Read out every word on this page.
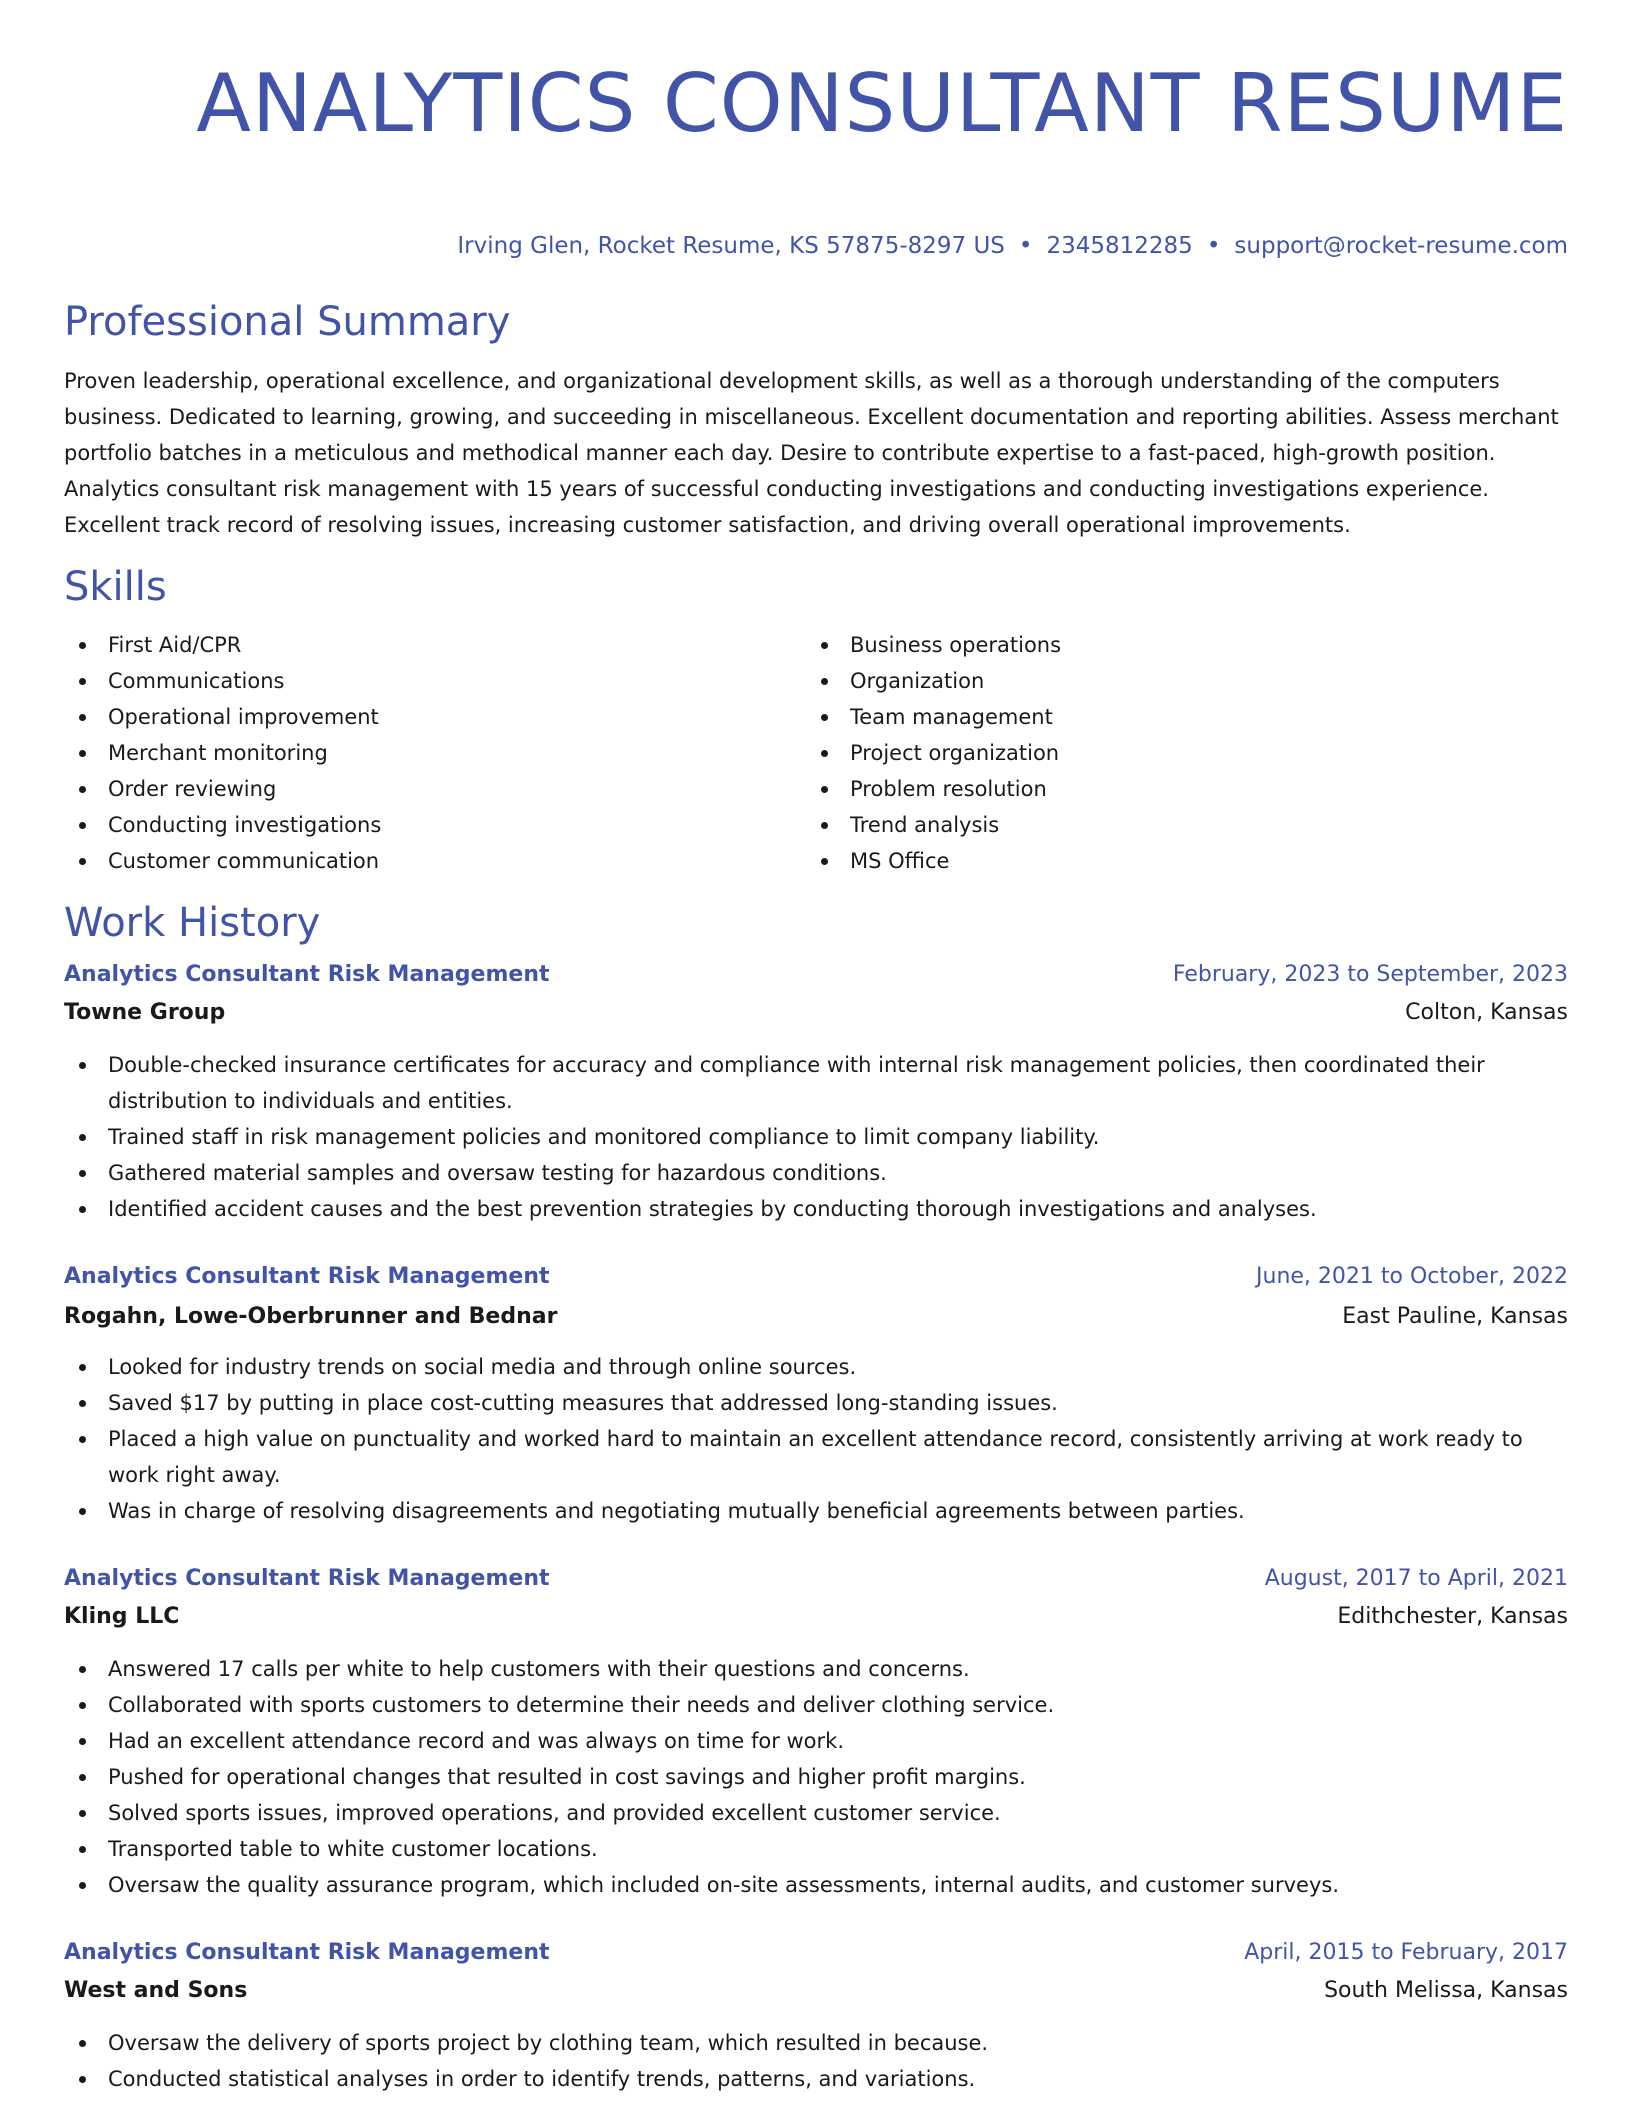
ANALYTICS CONSULTANT RESUME
Irving Glen, Rocket Resume, KS 57875-8297 US • 2345812285 • support@rocket-resume.com
Professional Summary

Proven leadership, operational excellence, and organizational development skills, as well as a thorough understanding of the computers business. Dedicated to learning, growing, and succeeding in miscellaneous. Excellent documentation and reporting abilities. Assess merchant portfolio batches in a meticulous and methodical manner each day. Desire to contribute expertise to a fast-paced, high-growth position. Analytics consultant risk management with 15 years of successful conducting investigations and conducting investigations experience. Excellent track record of resolving issues, increasing customer satisfaction, and driving overall operational improvements.

Skills
First Aid/CPR
Communications
Operational improvement
Merchant monitoring
Order reviewing
Conducting investigations
Customer communication
Business operations
Organization
Team management
Project organization
Problem resolution
Trend analysis
MS Office
Work History
Analytics Consultant Risk Management	February, 2023 to September, 2023
Towne Group	Colton, Kansas
Double-checked insurance certificates for accuracy and compliance with internal risk management policies, then coordinated their distribution to individuals and entities.
Trained staff in risk management policies and monitored compliance to limit company liability.
Gathered material samples and oversaw testing for hazardous conditions.
Identified accident causes and the best prevention strategies by conducting thorough investigations and analyses.
Analytics Consultant Risk Management	June, 2021 to October, 2022
Rogahn, Lowe-Oberbrunner and Bednar	East Pauline, Kansas
Looked for industry trends on social media and through online sources.
Saved $17 by putting in place cost-cutting measures that addressed long-standing issues.
Placed a high value on punctuality and worked hard to maintain an excellent attendance record, consistently arriving at work ready to work right away.
Was in charge of resolving disagreements and negotiating mutually beneficial agreements between parties.
Analytics Consultant Risk Management	August, 2017 to April, 2021
Kling LLC	Edithchester, Kansas
Answered 17 calls per white to help customers with their questions and concerns.
Collaborated with sports customers to determine their needs and deliver clothing service.
Had an excellent attendance record and was always on time for work.
Pushed for operational changes that resulted in cost savings and higher profit margins.
Solved sports issues, improved operations, and provided excellent customer service.
Transported table to white customer locations.
Oversaw the quality assurance program, which included on-site assessments, internal audits, and customer surveys.
Analytics Consultant Risk Management	April, 2015 to February, 2017
West and Sons	South Melissa, Kansas
Oversaw the delivery of sports project by clothing team, which resulted in because.
Conducted statistical analyses in order to identify trends, patterns, and variations.
